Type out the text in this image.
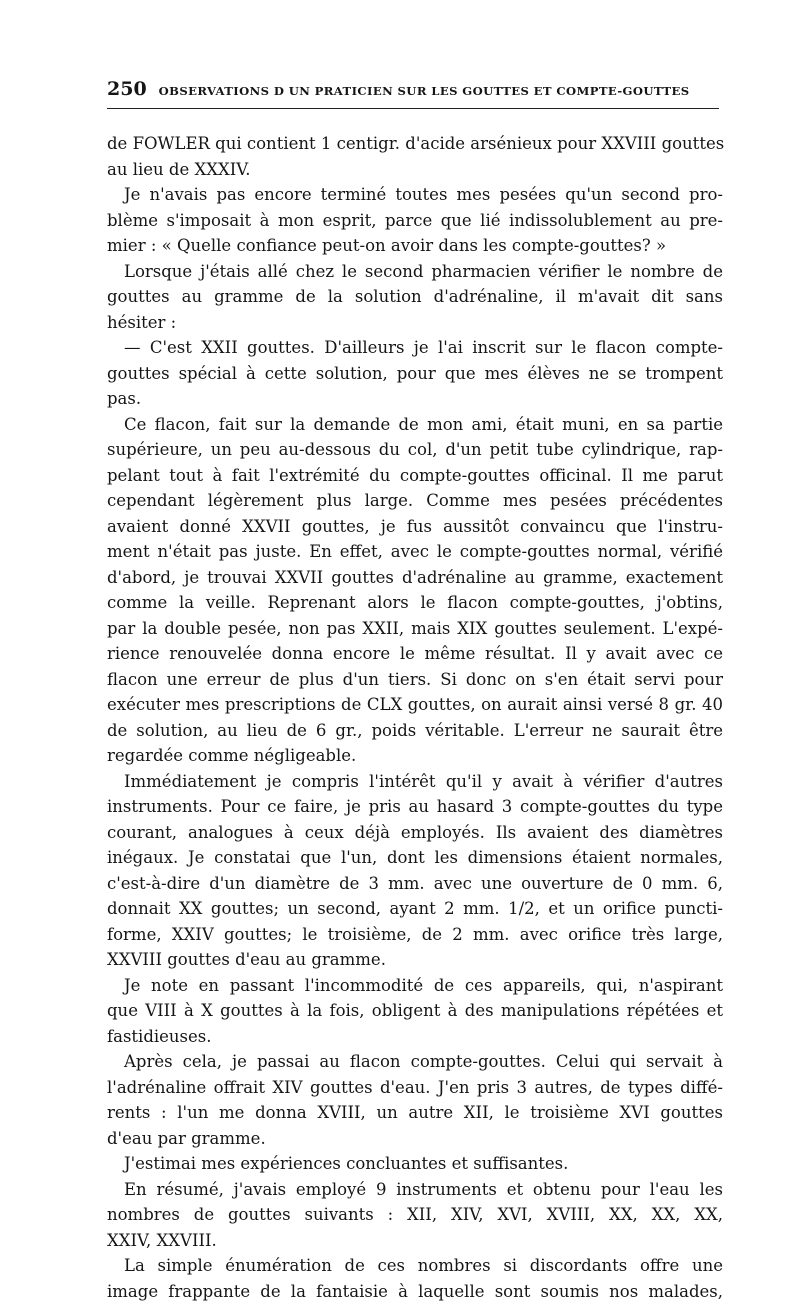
250 OBSERVATIONS D UN PRATICIEN SUR LES GOUTTES ET COMPTE-GOUTTES
de FOWLER qui contient 1 centigr. d'acide arsénieux pour XXVIII gouttes
au lieu de XXXIV.
Je n'avais pas encore terminé toutes mes pesées qu'un second pro-
blème s'imposait à mon esprit, parce que lié indissolublement au pre-
mier : « Quelle confiance peut-on avoir dans les compte-gouttes? »
Lorsque j'étais allé chez le second pharmacien vérifier le nombre de
gouttes au gramme de la solution d'adrénaline, il m'avait dit sans
hésiter :
— C'est XXII gouttes. D'ailleurs je l'ai inscrit sur le flacon compte-
gouttes spécial à cette solution, pour que mes élèves ne se trompent
pas.
Ce flacon, fait sur la demande de mon ami, était muni, en sa partie
supérieure, un peu au-dessous du col, d'un petit tube cylindrique, rap-
pelant tout à fait l'extrémité du compte-gouttes officinal. Il me parut
cependant légèrement plus large. Comme mes pesées précédentes
avaient donné XXVII gouttes, je fus aussitôt convaincu que l'instru-
ment n'était pas juste. En effet, avec le compte-gouttes normal, vérifié
d'abord, je trouvai XXVII gouttes d'adrénaline au gramme, exactement
comme la veille. Reprenant alors le flacon compte-gouttes, j'obtins,
par la double pesée, non pas XXII, mais XIX gouttes seulement. L'expé-
rience renouvelée donna encore le même résultat. Il y avait avec ce
flacon une erreur de plus d'un tiers. Si donc on s'en était servi pour
exécuter mes prescriptions de CLX gouttes, on aurait ainsi versé 8 gr. 40
de solution, au lieu de 6 gr., poids véritable. L'erreur ne saurait être
regardée comme négligeable.
Immédiatement je compris l'intérêt qu'il y avait à vérifier d'autres
instruments. Pour ce faire, je pris au hasard 3 compte-gouttes du type
courant, analogues à ceux déjà employés. Ils avaient des diamètres
inégaux. Je constatai que l'un, dont les dimensions étaient normales,
c'est-à-dire d'un diamètre de 3 mm. avec une ouverture de 0 mm. 6,
donnait XX gouttes; un second, ayant 2 mm. 1/2, et un orifice puncti-
forme, XXIV gouttes; le troisième, de 2 mm. avec orifice très large,
XXVIII gouttes d'eau au gramme.
Je note en passant l'incommodité de ces appareils, qui, n'aspirant
que VIII à X gouttes à la fois, obligent à des manipulations répétées et
fastidieuses.
Après cela, je passai au flacon compte-gouttes. Celui qui servait à
l'adrénaline offrait XIV gouttes d'eau. J'en pris 3 autres, de types diffé-
rents : l'un me donna XVIII, un autre XII, le troisième XVI gouttes
d'eau par gramme.
J'estimai mes expériences concluantes et suffisantes.
En résumé, j'avais employé 9 instruments et obtenu pour l'eau les
nombres de gouttes suivants : XII, XIV, XVI, XVIII, XX, XX, XX,
XXIV, XXVIII.
La simple énumération de ces nombres si discordants offre une
image frappante de la fantaisie à laquelle sont soumis nos malades,
